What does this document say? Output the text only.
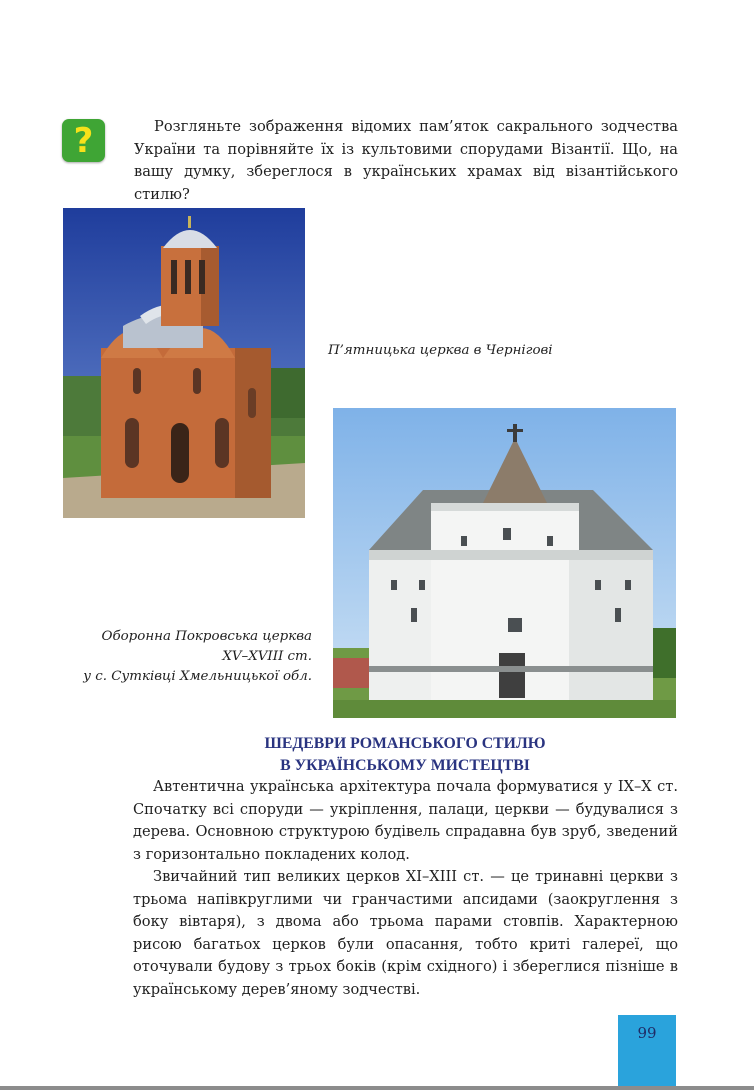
?	Розгляньте зображення відомих пам’яток сакрального зодчества України та порівняйте їх із культовими спорудами Візантії. Що, на вашу думку, збереглося в українських храмах від візантійського стилю?

П’ятницька церква в Чернігові

Оборонна Покровська церква
XV–XVIII ст.
у с. Сутківці Хмельницької обл.

ШЕДЕВРИ РОМАНСЬКОГО СТИЛЮ
В УКРАЇНСЬКОМУ МИСТЕЦТВІ

Автентична українська архітектура почала формуватися у IX–X ст. Спочатку всі споруди — укріплення, палаци, церкви — будувалися з дерева. Основною структурою будівель спрадавна був зруб, зведений з горизонтально покладених колод.

Звичайний тип великих церков XI–XIII ст. — це тринавні церкви з трьома напівкруглими чи гранчастими апсидами (заокруглення з боку вівтаря), з двома або трьома парами стовпів. Характерною рисою багатьох церков були опасання, тобто криті галереї, що оточували будову з трьох боків (крім східного) і збереглися пізніше в українському дерев’яному зодчестві.

99
